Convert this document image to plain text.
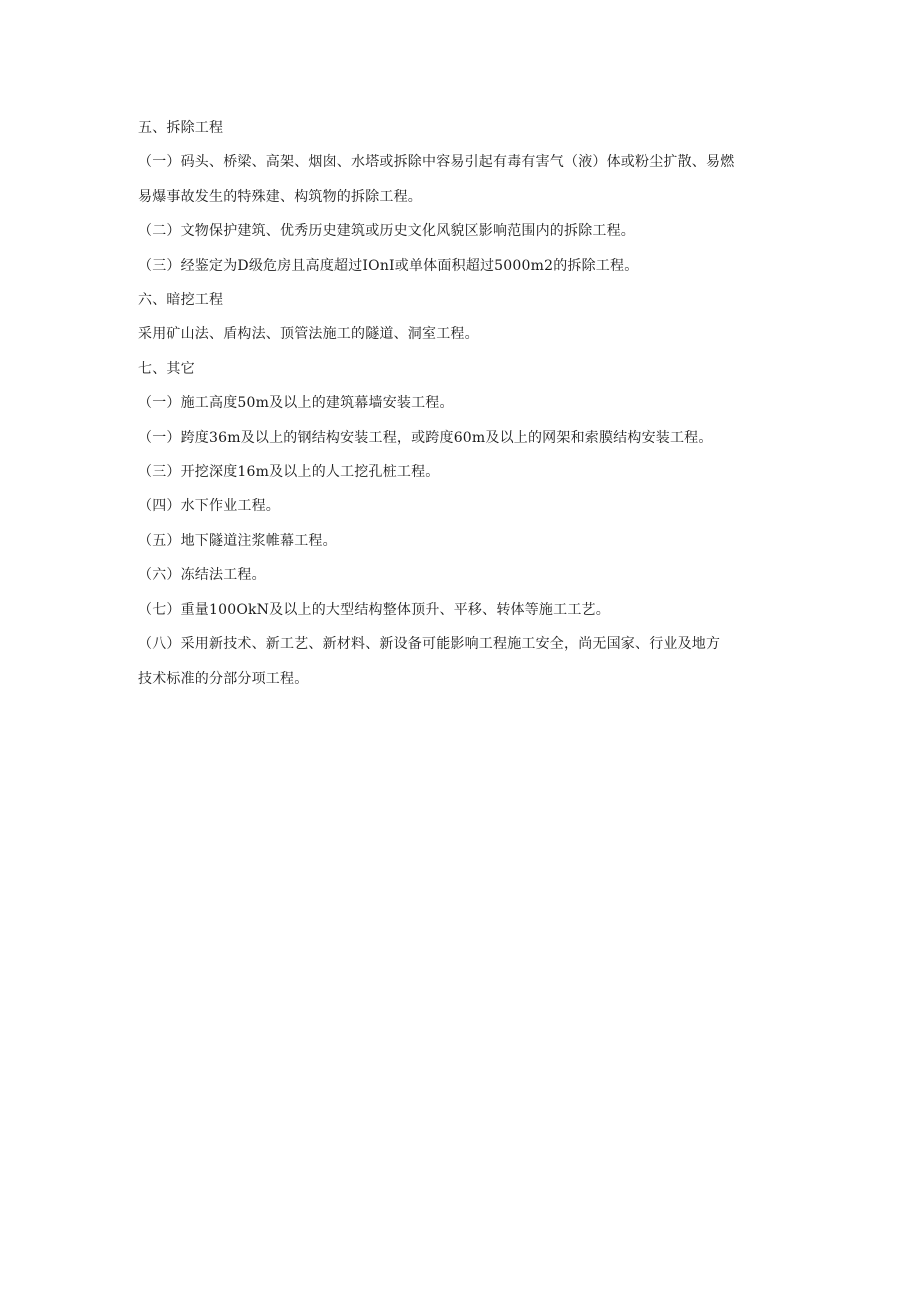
五、拆除工程
（一）码头、桥梁、高架、烟囱、水塔或拆除中容易引起有毒有害气（液）体或粉尘扩散、易燃
易爆事故发生的特殊建、构筑物的拆除工程。
（二）文物保护建筑、优秀历史建筑或历史文化风貌区影响范围内的拆除工程。
（三）经鉴定为D级危房且高度超过IOnI或单体面积超过5000m2的拆除工程。
六、暗挖工程
采用矿山法、盾构法、顶管法施工的隧道、洞室工程。
七、其它
（一）施工高度50m及以上的建筑幕墙安装工程。
（一）跨度36m及以上的钢结构安装工程，或跨度60m及以上的网架和索膜结构安装工程。
（三）开挖深度16m及以上的人工挖孔桩工程。
（四）水下作业工程。
（五）地下隧道注浆帷幕工程。
（六）冻结法工程。
（七）重量100OkN及以上的大型结构整体顶升、平移、转体等施工工艺。
（八）采用新技术、新工艺、新材料、新设备可能影响工程施工安全，尚无国家、行业及地方
技术标准的分部分项工程。
